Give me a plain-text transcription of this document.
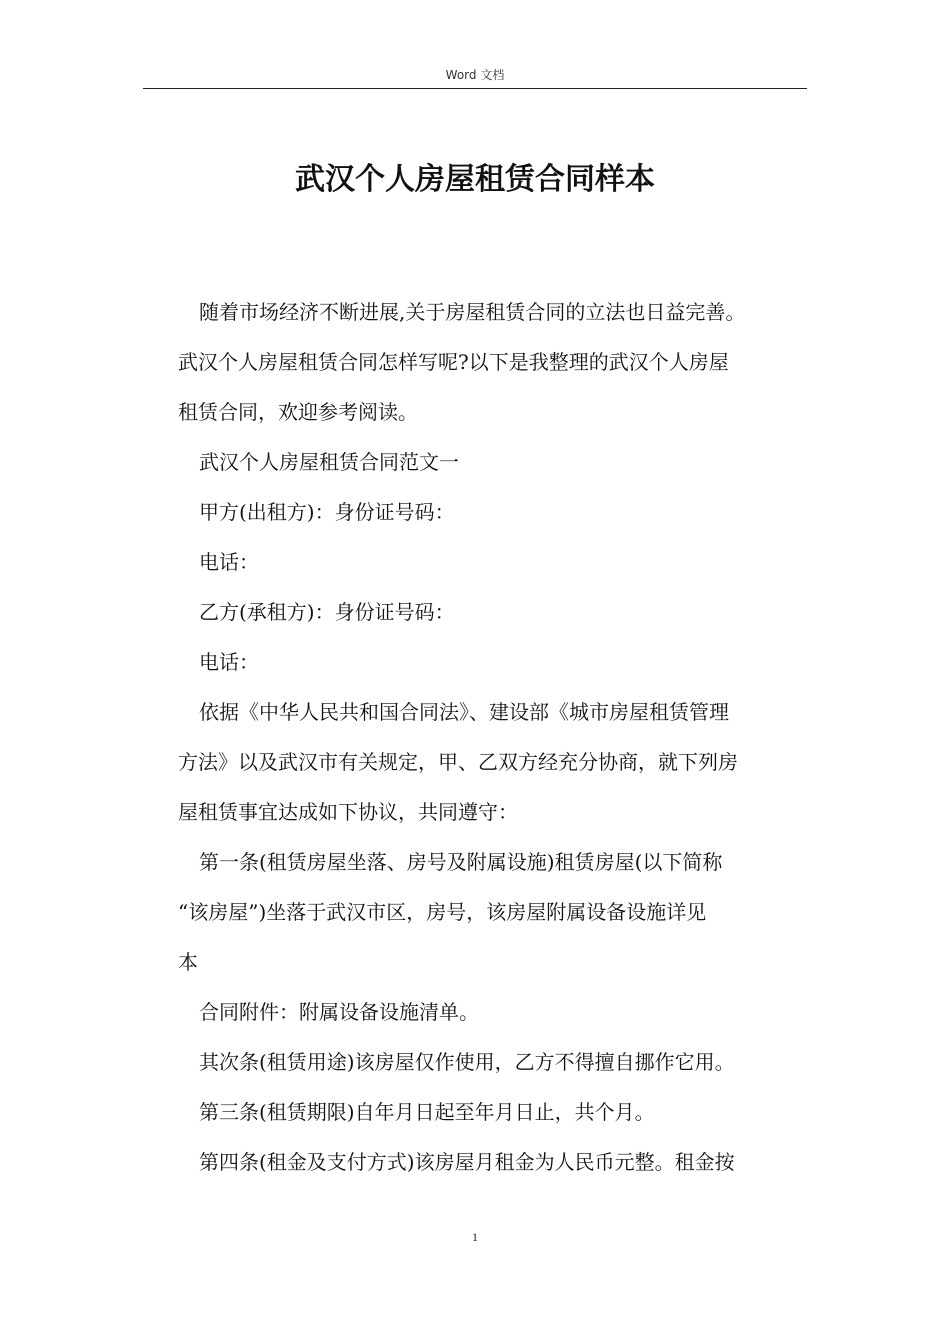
Word 文档
武汉个人房屋租赁合同样本

随着市场经济不断进展,关于房屋租赁合同的立法也日益完善。

武汉个人房屋租赁合同怎样写呢?以下是我整理的武汉个人房屋

租赁合同，欢迎参考阅读。

武汉个人房屋租赁合同范文一

甲方(出租方)：身份证号码：

电话：

乙方(承租方)：身份证号码：

电话：

依据《中华人民共和国合同法》、建设部《城市房屋租赁管理

方法》以及武汉市有关规定，甲、乙双方经充分协商，就下列房

屋租赁事宜达成如下协议，共同遵守：

第一条(租赁房屋坐落、房号及附属设施)租赁房屋(以下简称

“该房屋”)坐落于武汉市区，房号，该房屋附属设备设施详见

本

合同附件：附属设备设施清单。

其次条(租赁用途)该房屋仅作使用，乙方不得擅自挪作它用。

第三条(租赁期限)自年月日起至年月日止，共个月。

第四条(租金及支付方式)该房屋月租金为人民币元整。租金按

1
